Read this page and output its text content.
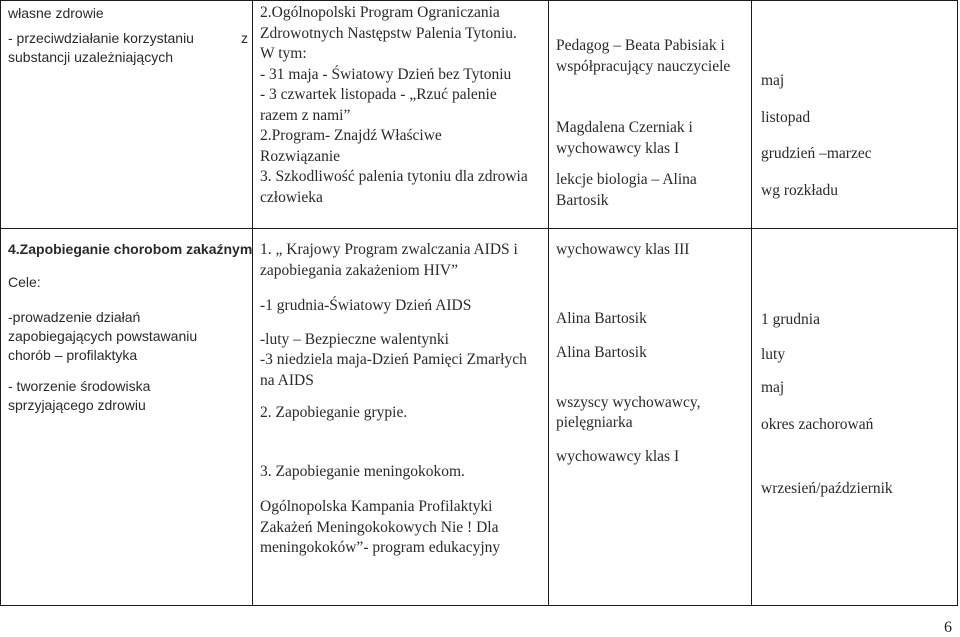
własne zdrowie
- przeciwdziałanie korzystaniu	z
substancji uzależniających
2.Ogólnopolski Program Ograniczania
Zdrowotnych Następstw Palenia Tytoniu.
W tym:
- 31 maja - Światowy Dzień bez Tytoniu
- 3 czwartek listopada - „Rzuć palenie
razem z nami”
2.Program- Znajdź Właściwe
Rozwiązanie
3. Szkodliwość palenia tytoniu dla zdrowia
człowieka
Pedagog – Beata Pabisiak i
współpracujący nauczyciele
Magdalena Czerniak i
wychowawcy klas I
lekcje biologia – Alina
Bartosik
maj
listopad
grudzień –marzec
wg rozkładu
4.Zapobieganie chorobom zakaźnym
Cele:
-prowadzenie działań
zapobiegających powstawaniu
chorób – profilaktyka
- tworzenie środowiska
sprzyjającego zdrowiu
1. „ Krajowy Program zwalczania AIDS i
zapobiegania zakażeniom HIV”
-1 grudnia-Światowy Dzień AIDS
-luty – Bezpieczne walentynki
-3 niedziela maja-Dzień Pamięci Zmarłych
na AIDS
2. Zapobieganie grypie.
3. Zapobieganie meningokokom.
Ogólnopolska Kampania Profilaktyki
Zakażeń Meningokokowych Nie ! Dla
meningokoków”- program edukacyjny
wychowawcy klas III
Alina Bartosik
Alina Bartosik
wszyscy wychowawcy,
pielęgniarka
wychowawcy klas I
1 grudnia
luty
maj
okres zachorowań
wrzesień/październik
6
